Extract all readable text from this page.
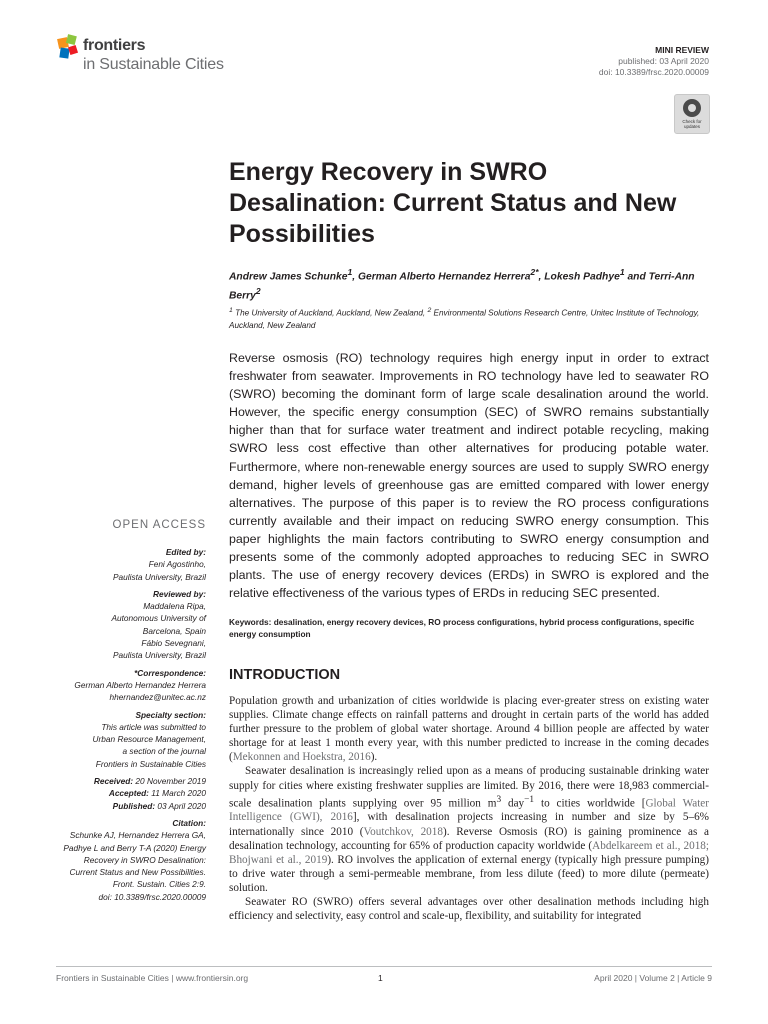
frontiers
in Sustainable Cities
MINI REVIEW
published: 03 April 2020
doi: 10.3389/frsc.2020.00009
Check for updates
Energy Recovery in SWRO Desalination: Current Status and New Possibilities
Andrew James Schunke$^1$, German Alberto Hernandez Herrera$^{2*}$, Lokesh Padhye$^1$ and Terri-Ann Berry$^2$
$^1$ The University of Auckland, Auckland, New Zealand, $^2$ Environmental Solutions Research Centre, Unitec Institute of Technology, Auckland, New Zealand

Reverse osmosis (RO) technology requires high energy input in order to extract freshwater from seawater. Improvements in RO technology have led to seawater RO (SWRO) becoming the dominant form of large scale desalination around the world. However, the specific energy consumption (SEC) of SWRO remains substantially higher than that for surface water treatment and indirect potable recycling, making SWRO less cost effective than other alternatives for producing potable water. Furthermore, where non-renewable energy sources are used to supply SWRO energy demand, higher levels of greenhouse gas are emitted compared with lower energy alternatives. The purpose of this paper is to review the RO process configurations currently available and their impact on reducing SWRO energy consumption. This paper highlights the main factors contributing to SWRO energy consumption and presents some of the commonly adopted approaches to reducing SEC in SWRO plants. The use of energy recovery devices (ERDs) in SWRO is explored and the relative effectiveness of the various types of ERDs in reducing SEC presented.

Keywords: desalination, energy recovery devices, RO process configurations, hybrid process configurations, specific energy consumption
INTRODUCTION

Population growth and urbanization of cities worldwide is placing ever-greater stress on existing water supplies. Climate change effects on rainfall patterns and drought in certain parts of the world has added further pressure to the problem of global water shortage. Around 4 billion people are affected by water shortage for at least 1 month every year, with this number predicted to increase in the coming decades (Mekonnen and Hoekstra, 2016).

Seawater desalination is increasingly relied upon as a means of producing sustainable drinking water supply for cities where existing freshwater supplies are limited. By 2016, there were 18,983 commercial-scale desalination plants supplying over 95 million $m^3$ day$^{-1}$ to cities worldwide [Global Water Intelligence (GWI), 2016], with desalination projects increasing in number and size by 5–6% internationally since 2010 (Voutchkov, 2018). Reverse Osmosis (RO) is gaining prominence as a desalination technology, accounting for 65% of production capacity worldwide (Abdelkareem et al., 2018; Bhojwani et al., 2019). RO involves the application of external energy (typically high pressure pumping) to drive water through a semi-permeable membrane, from less dilute (feed) to more dilute (permeate) solution.

Seawater RO (SWRO) offers several advantages over other desalination methods including high efficiency and selectivity, easy control and scale-up, flexibility, and suitability for integrated

OPEN ACCESS
Edited by:
Feni Agostinho,
Paulista University, Brazil
Reviewed by:
Maddalena Ripa,
Autonomous University of
Barcelona, Spain
Fábio Sevegnani,
Paulista University, Brazil
*Correspondence:
German Alberto Hernandez Herrera
hhernandez@unitec.ac.nz
Specialty section:
This article was submitted to
Urban Resource Management,
a section of the journal
Frontiers in Sustainable Cities
Received: 20 November 2019
Accepted: 11 March 2020
Published: 03 April 2020
Citation:
Schunke AJ, Hernandez Herrera GA,
Padhye L and Berry T-A (2020) Energy
Recovery in SWRO Desalination:
Current Status and New Possibilities.
Front. Sustain. Cities 2:9.
doi: 10.3389/frsc.2020.00009
Frontiers in Sustainable Cities | www.frontiersin.org	1	April 2020 | Volume 2 | Article 9
